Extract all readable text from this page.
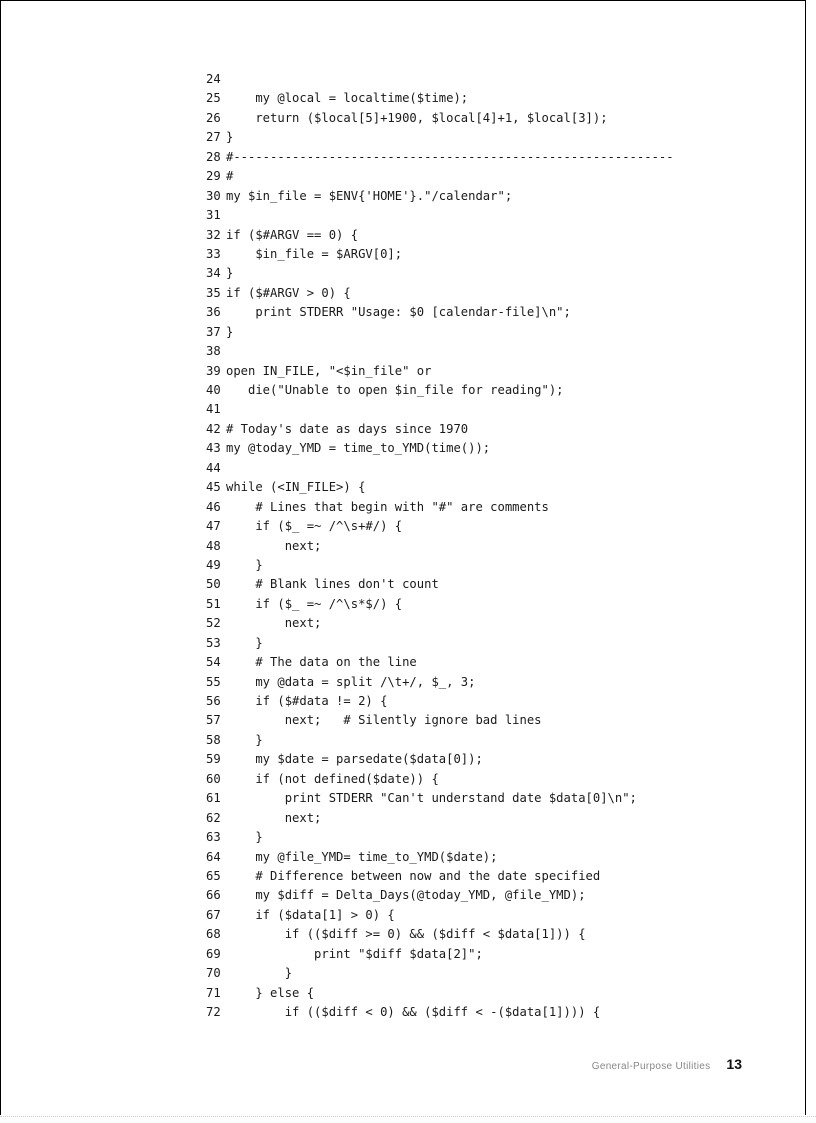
24
25 my @local = localtime($time);
26 return ($local[5]+1900, $local[4]+1, $local[3]);
27 }
28 #------------------------------------------------------------
29 #
30 my $in_file = $ENV{'HOME'}."/calendar";
31
32 if ($#ARGV == 0) {
33 $in_file = $ARGV[0];
34 }
35 if ($#ARGV > 0) {
36 print STDERR "Usage: $0 [calendar-file]\n";
37 }
38
39 open IN_FILE, "<$in_file" or
40 die("Unable to open $in_file for reading");
41
42 # Today's date as days since 1970
43 my @today_YMD = time_to_YMD(time());
44
45 while (<IN_FILE>) {
46 # Lines that begin with "#" are comments
47 if ($_ =~ /^\s+#/) {
48 next;
49 }
50 # Blank lines don't count
51 if ($_ =~ /^\s*$/) {
52 next;
53 }
54 # The data on the line
55 my @data = split /\t+/, $_, 3;
56 if ($#data != 2) {
57 next;   # Silently ignore bad lines
58 }
59 my $date = parsedate($data[0]);
60 if (not defined($date)) {
61 print STDERR "Can't understand date $data[0]\n";
62 next;
63 }
64 my @file_YMD= time_to_YMD($date);
65 # Difference between now and the date specified
66 my $diff = Delta_Days(@today_YMD, @file_YMD);
67 if ($data[1] > 0) {
68 if (($diff >= 0) && ($diff < $data[1])) {
69 print "$diff $data[2]";
70 }
71 } else {
72 if (($diff < 0) && ($diff < -($data[1]))) {
General-Purpose Utilities 13
